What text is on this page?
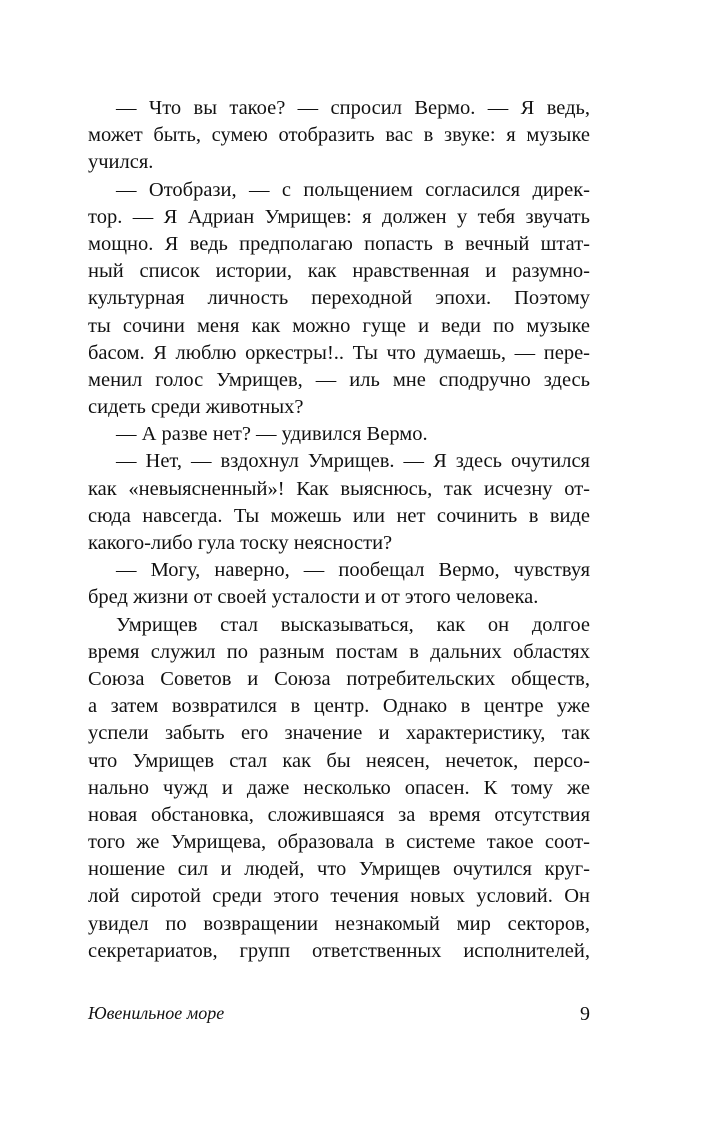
— Что вы такое? — спросил Вермо. — Я ведь,
может быть, сумею отобразить вас в звуке: я музыке
учился.
— Отобрази, — с польщением согласился дирек-
тор. — Я Адриан Умрищев: я должен у тебя звучать
мощно. Я ведь предполагаю попасть в вечный штат-
ный список истории, как нравственная и разумно-
культурная личность переходной эпохи. Поэтому
ты сочини меня как можно гуще и веди по музыке
басом. Я люблю оркестры!.. Ты что думаешь, — пере-
менил голос Умрищев, — иль мне сподручно здесь
сидеть среди животных?
— А разве нет? — удивился Вермо.
— Нет, — вздохнул Умрищев. — Я здесь очутился
как «невыясненный»! Как выяснюсь, так исчезну от-
сюда навсегда. Ты можешь или нет сочинить в виде
какого-либо гула тоску неясности?
— Могу, наверно, — пообещал Вермо, чувствуя
бред жизни от своей усталости и от этого человека.
Умрищев стал высказываться, как он долгое
время служил по разным постам в дальних областях
Союза Советов и Союза потребительских обществ,
а затем возвратился в центр. Однако в центре уже
успели забыть его значение и характеристику, так
что Умрищев стал как бы неясен, нечеток, персо-
нально чужд и даже несколько опасен. К тому же
новая обстановка, сложившаяся за время отсутствия
того же Умрищева, образовала в системе такое соот-
ношение сил и людей, что Умрищев очутился круг-
лой сиротой среди этого течения новых условий. Он
увидел по возвращении незнакомый мир секторов,
секретариатов, групп ответственных исполнителей,
Ювенильное море	9
